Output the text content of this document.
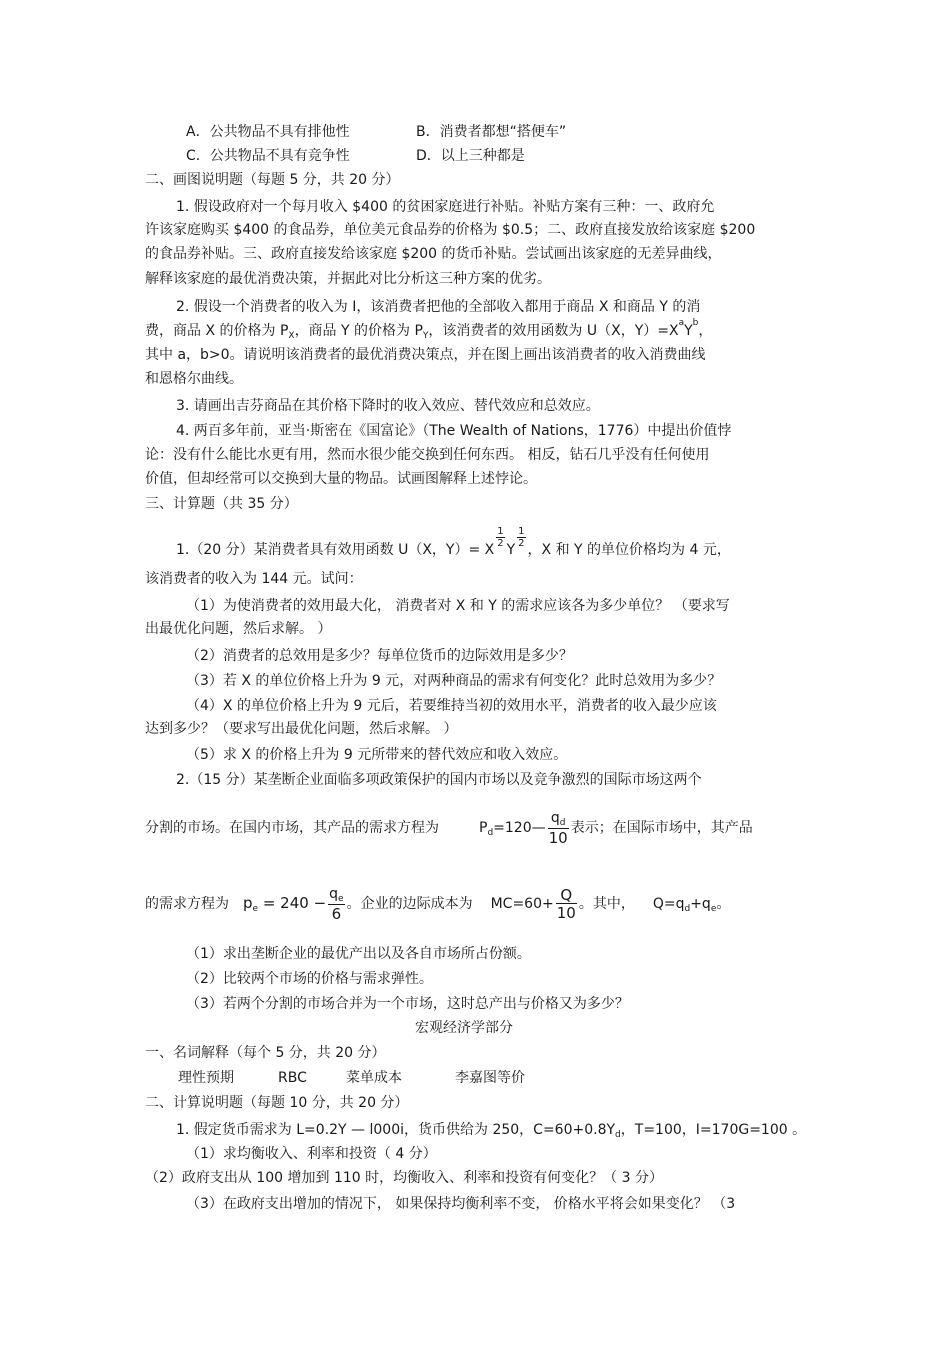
A．公共物品不具有排他性	B．消费者都想“搭便车”
C．公共物品不具有竞争性	D．以上三种都是
二、画图说明题（每题 5 分，共 20 分）
1. 假设政府对一个每月收入 $400 的贫困家庭进行补贴。补贴方案有三种：一、政府允
许该家庭购买 $400 的食品券，单位美元食品券的价格为 $0.5；二、政府直接发放给该家庭 $200
的食品券补贴。三、政府直接发给该家庭 $200 的货币补贴。尝试画出该家庭的无差异曲线，
解释该家庭的最优消费决策，并据此对比分析这三种方案的优劣。
2. 假设一个消费者的收入为 I，该消费者把他的全部收入都用于商品 X 和商品 Y 的消
费，商品 X 的价格为 $P_X$，商品 Y 的价格为 $P_Y$，该消费者的效用函数为 U（X，$Y)=X^aY^b$，
其中 a，b>0。请说明该消费者的最优消费决策点，并在图上画出该消费者的收入消费曲线
和恩格尔曲线。
3. 请画出吉芬商品在其价格下降时的收入效应、替代效应和总效应。
4. 两百多年前，亚当·斯密在《国富论》（The Wealth of Nations，1776）中提出价值悖
论：没有什么能比水更有用，然而水很少能交换到任何东西。 相反，钻石几乎没有任何使用
价值，但却经常可以交换到大量的物品。试画图解释上述悖论。
三、计算题（共 35 分）
1.（20 分）某消费者具有效用函数 U（X，Y）= X
$\frac{1}{2}$
Y
$\frac{1}{2}$
，X 和 Y 的单位价格均为 4 元，
该消费者的收入为 144 元。试问：
（1）为使消费者的效用最大化， 消费者对 X 和 Y 的需求应该各为多少单位？ （要求写
出最优化问题，然后求解。 ）
（2）消费者的总效用是多少？每单位货币的边际效用是多少？
（3）若 X 的单位价格上升为 9 元，对两种商品的需求有何变化？此时总效用为多少？
（4）X 的单位价格上升为 9 元后，若要维持当初的效用水平，消费者的收入最少应该
达到多少？（要求写出最优化问题，然后求解。 ）
（5）求 X 的价格上升为 9 元所带来的替代效应和收入效应。
2.（15 分）某垄断企业面临多项政策保护的国内市场以及竞争激烈的国际市场这两个
分割的市场。在国内市场，其产品的需求方程为	$P_d=120— \frac{q_d}{10}$ 表示；在国际市场中，其产品
的需求方程为 $p_e = 240 - \frac{q_e}{6}$ 。企业的边际成本为 $MC=60+ \frac{Q}{10}$ 。其中， $Q=q_d+q_e$。
（1）求出垄断企业的最优产出以及各自市场所占份额。
（2）比较两个市场的价格与需求弹性。
（3）若两个分割的市场合并为一个市场，这时总产出与价格又为多少？
宏观经济学部分
一、名词解释（每个 5 分，共 20 分）
理性预期	RBC	菜单成本	李嘉图等价
二、计算说明题（每题 10 分，共 20 分）
1. 假定货币需求为 L=0.2Y — l000i，货币供给为 250，$C=60+0.8Y_d$，T=100，I=170G=100 。
（1）求均衡收入、利率和投资（ 4 分）
（2）政府支出从 100 增加到 110 时，均衡收入、利率和投资有何变化？（ 3 分）
（3）在政府支出增加的情况下， 如果保持均衡利率不变， 价格水平将会如果变化？ （3
